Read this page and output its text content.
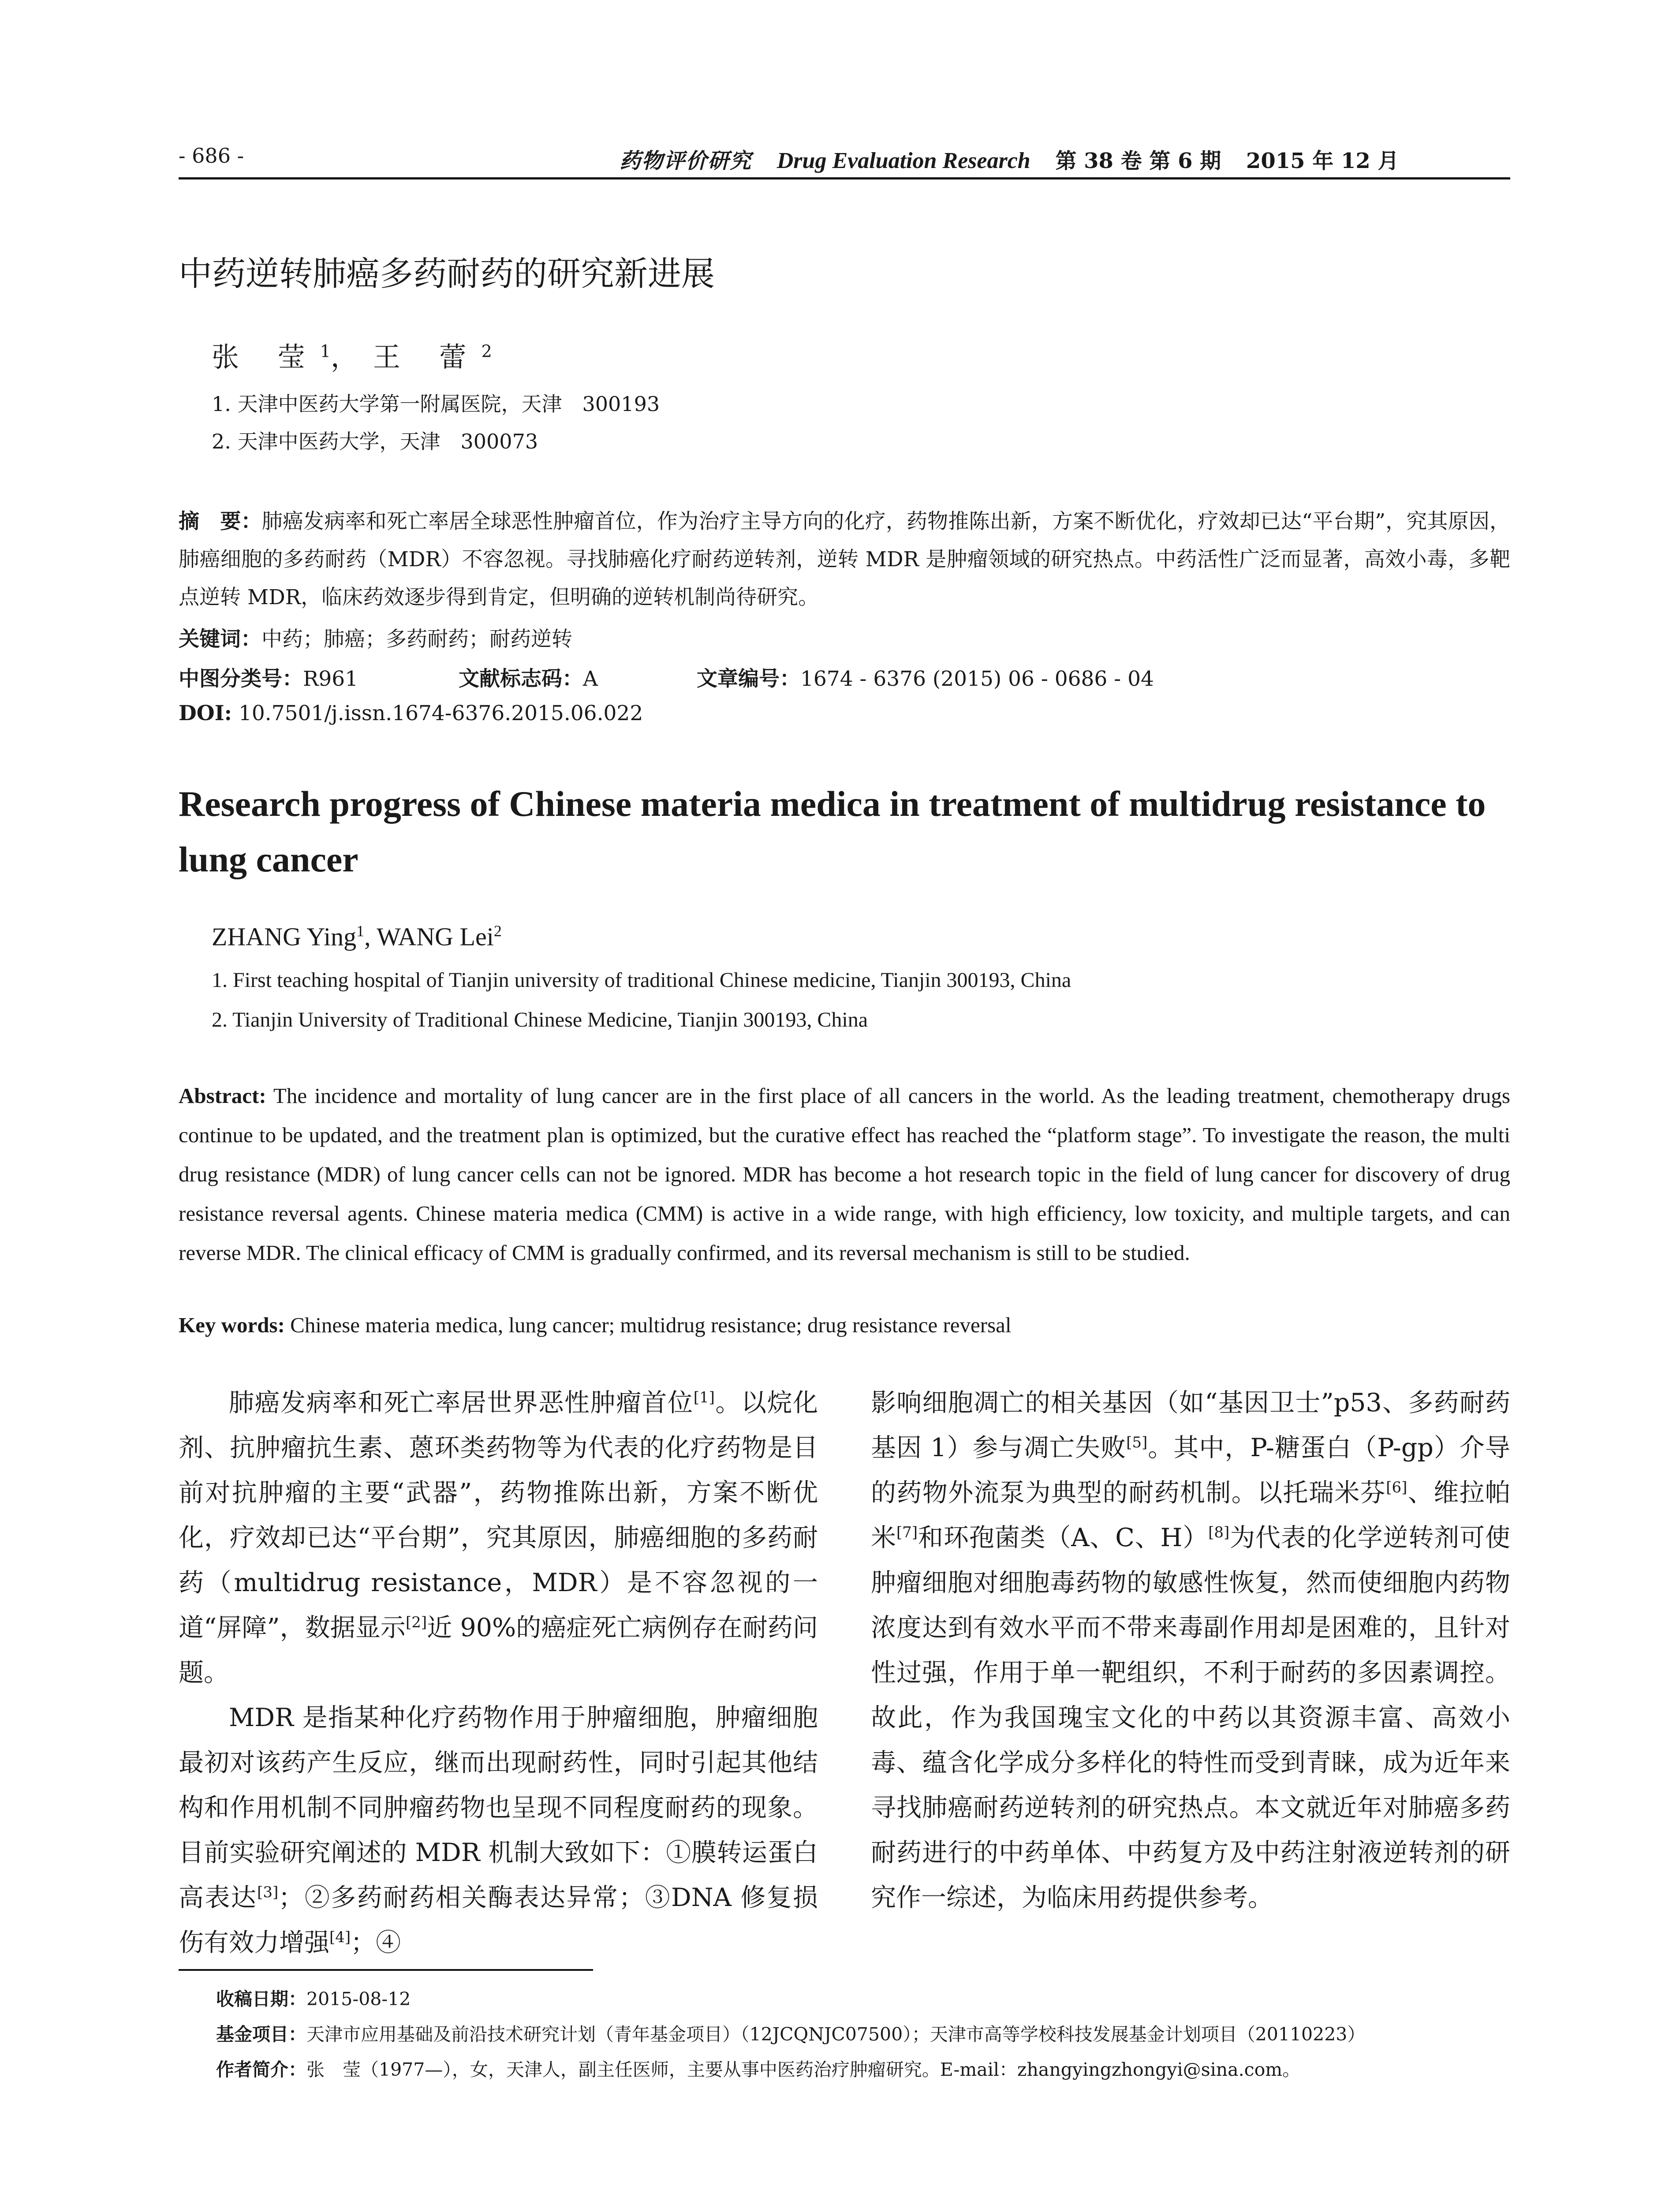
- 686 -	药物评价研究 Drug Evaluation Research 第 38 卷 第 6 期 2015 年 12 月
中药逆转肺癌多药耐药的研究新进展
张 莹$^1$，王 蕾$^2$
1. 天津中医药大学第一附属医院，天津　300193
2. 天津中医药大学，天津　300073
摘　要：肺癌发病率和死亡率居全球恶性肿瘤首位，作为治疗主导方向的化疗，药物推陈出新，方案不断优化，疗效却已达“平台期”，究其原因，肺癌细胞的多药耐药（MDR）不容忽视。寻找肺癌化疗耐药逆转剂，逆转 MDR 是肿瘤领域的研究热点。中药活性广泛而显著，高效小毒，多靶点逆转 MDR，临床药效逐步得到肯定，但明确的逆转机制尚待研究。
关键词：中药；肺癌；多药耐药；耐药逆转
中图分类号：R961	文献标志码：A	文章编号：1674 - 6376 (2015) 06 - 0686 - 04
DOI: 10.7501/j.issn.1674-6376.2015.06.022
Research progress of Chinese materia medica in treatment of multidrug resistance to lung cancer
ZHANG Ying$^1$, WANG Lei$^2$
1. First teaching hospital of Tianjin university of traditional Chinese medicine, Tianjin 300193, China
2. Tianjin University of Traditional Chinese Medicine, Tianjin 300193, China
Abstract: The incidence and mortality of lung cancer are in the first place of all cancers in the world. As the leading treatment, chemotherapy drugs continue to be updated, and the treatment plan is optimized, but the curative effect has reached the “platform stage”. To investigate the reason, the multi drug resistance (MDR) of lung cancer cells can not be ignored. MDR has become a hot research topic in the field of lung cancer for discovery of drug resistance reversal agents. Chinese materia medica (CMM) is active in a wide range, with high efficiency, low toxicity, and multiple targets, and can reverse MDR. The clinical efficacy of CMM is gradually confirmed, and its reversal mechanism is still to be studied.
Key words: Chinese materia medica, lung cancer; multidrug resistance; drug resistance reversal

肺癌发病率和死亡率居世界恶性肿瘤首位[1]。以烷化剂、抗肿瘤抗生素、蒽环类药物等为代表的化疗药物是目前对抗肿瘤的主要“武器”，药物推陈出新，方案不断优化，疗效却已达“平台期”，究其原因，肺癌细胞的多药耐药（multidrug resistance，MDR）是不容忽视的一道“屏障”，数据显示[2]近 90%的癌症死亡病例存在耐药问题。

MDR 是指某种化疗药物作用于肿瘤细胞，肿瘤细胞最初对该药产生反应，继而出现耐药性，同时引起其他结构和作用机制不同肿瘤药物也呈现不同程度耐药的现象。目前实验研究阐述的 MDR 机制大致如下：①膜转运蛋白高表达[3]；②多药耐药相关酶表达异常；③DNA 修复损伤有效力增强[4]；④

影响细胞凋亡的相关基因（如“基因卫士”p53、多药耐药基因 1）参与凋亡失败[5]。其中，P-糖蛋白（P-gp）介导的药物外流泵为典型的耐药机制。以托瑞米芬[6]、维拉帕米[7]和环孢菌类（A、C、H）[8]为代表的化学逆转剂可使肿瘤细胞对细胞毒药物的敏感性恢复，然而使细胞内药物浓度达到有效水平而不带来毒副作用却是困难的，且针对性过强，作用于单一靶组织，不利于耐药的多因素调控。故此，作为我国瑰宝文化的中药以其资源丰富、高效小毒、蕴含化学成分多样化的特性而受到青睐，成为近年来寻找肺癌耐药逆转剂的研究热点。本文就近年对肺癌多药耐药进行的中药单体、中药复方及中药注射液逆转剂的研究作一综述，为临床用药提供参考。

收稿日期：2015-08-12
基金项目：天津市应用基础及前沿技术研究计划（青年基金项目）（12JCQNJC07500）；天津市高等学校科技发展基金计划项目（20110223）
作者简介：张　莹（1977—），女，天津人，副主任医师，主要从事中医药治疗肿瘤研究。E-mail：zhangyingzhongyi@sina.com。
